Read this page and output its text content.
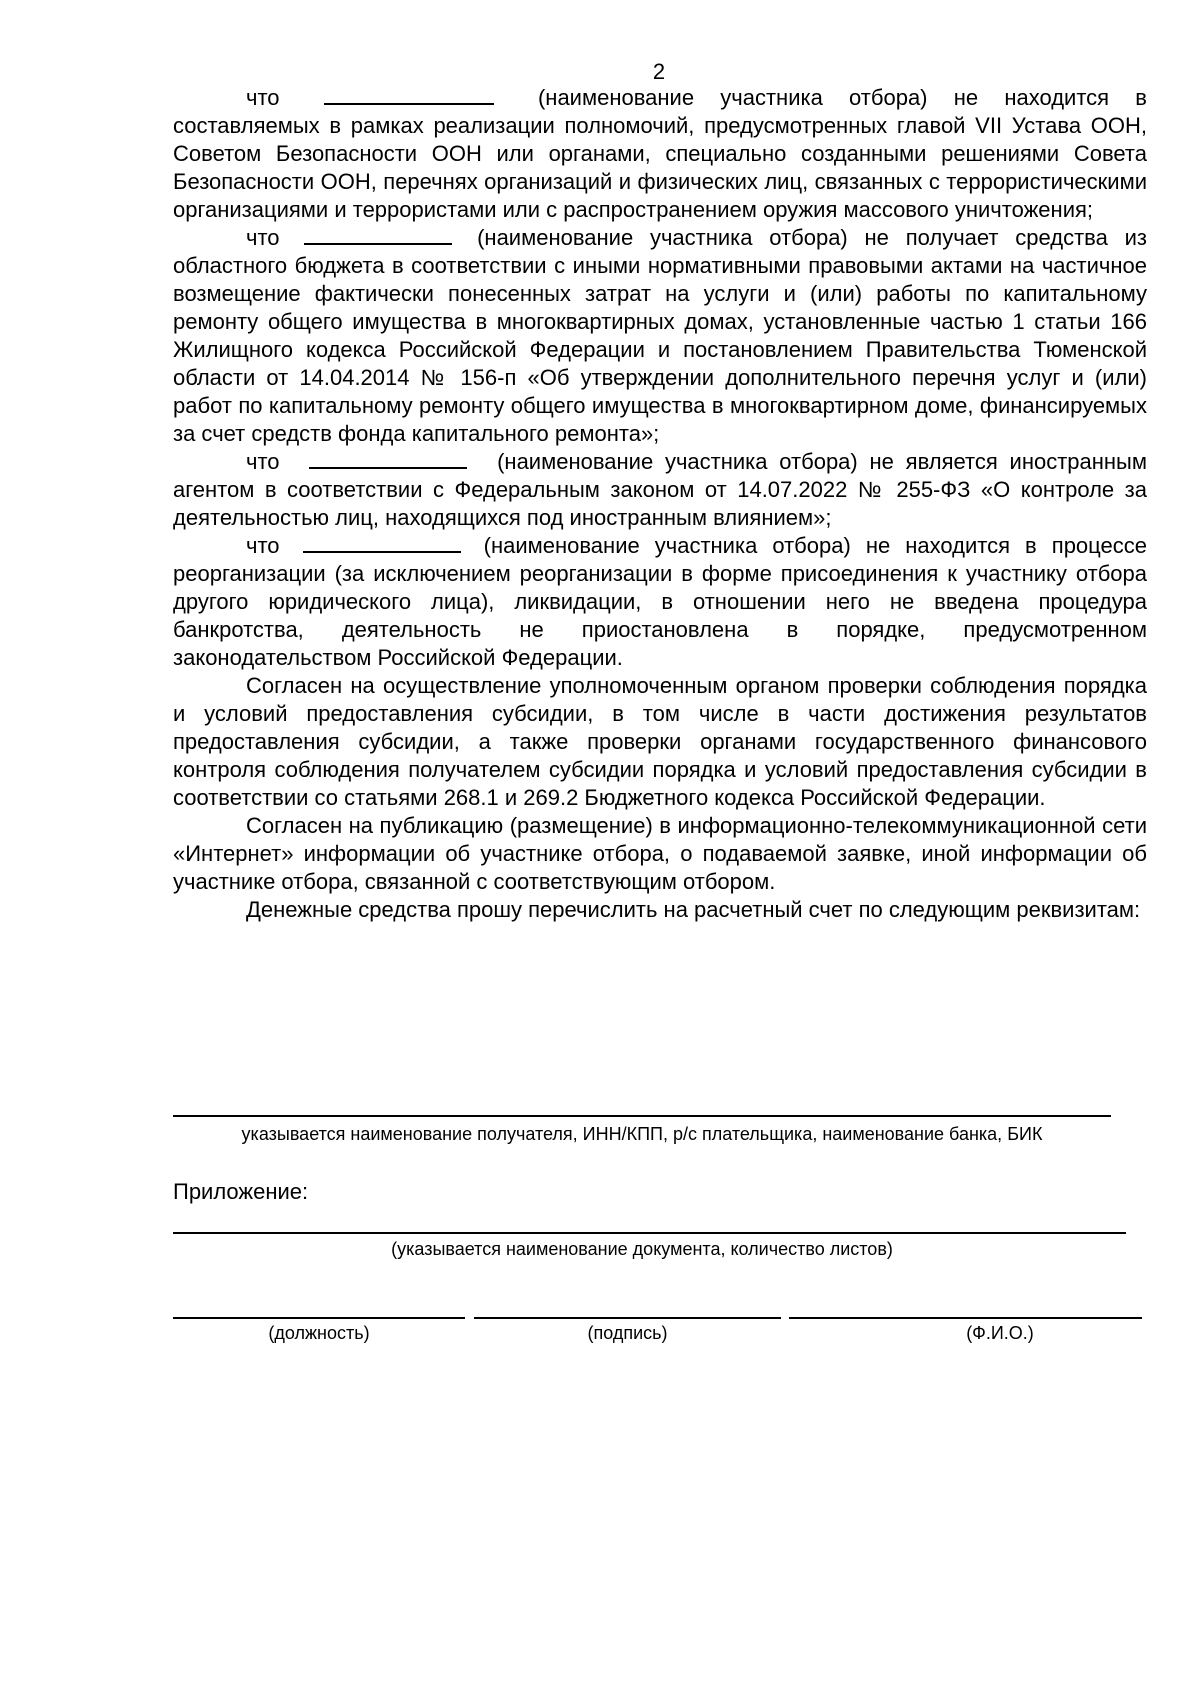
2

что	(наименование участника отбора) не находится в составляемых в рамках реализации полномочий, предусмотренных главой VII Устава ООН, Советом Безопасности ООН или органами, специально созданными решениями Совета Безопасности ООН, перечнях организаций и физических лиц, связанных с террористическими организациями и террористами или с распространением оружия массового уничтожения;

что	(наименование участника отбора) не получает средства из областного бюджета в соответствии с иными нормативными правовыми актами на частичное возмещение фактически понесенных затрат на услуги и (или) работы по капитальному ремонту общего имущества в многоквартирных домах, установленные частью 1 статьи 166 Жилищного кодекса Российской Федерации и постановлением Правительства Тюменской области от 14.04.2014 № 156-п «Об утверждении дополнительного перечня услуг и (или) работ по капитальному ремонту общего имущества в многоквартирном доме, финансируемых за счет средств фонда капитального ремонта»;

что	(наименование участника отбора) не является иностранным агентом в соответствии с Федеральным законом от 14.07.2022 № 255-ФЗ «О контроле за деятельностью лиц, находящихся под иностранным влиянием»;

что	(наименование участника отбора) не находится в процессе реорганизации (за исключением реорганизации в форме присоединения к участнику отбора другого юридического лица), ликвидации, в отношении него не введена процедура банкротства, деятельность не приостановлена в порядке, предусмотренном законодательством Российской Федерации.

Согласен на осуществление уполномоченным органом проверки соблюдения порядка и условий предоставления субсидии, в том числе в части достижения результатов предоставления субсидии, а также проверки органами государственного финансового контроля соблюдения получателем субсидии порядка и условий предоставления субсидии в соответствии со статьями 268.1 и 269.2 Бюджетного кодекса Российской Федерации.

Согласен на публикацию (размещение) в информационно-телекоммуникационной сети «Интернет» информации об участнике отбора, о подаваемой заявке, иной информации об участнике отбора, связанной с соответствующим отбором.

Денежные средства прошу перечислить на расчетный счет по следующим реквизитам:

указывается наименование получателя, ИНН/КПП, р/с плательщика, наименование банка, БИК
Приложение:
(указывается наименование документа, количество листов)
(должность)	(подпись)	(Ф.И.О.)
